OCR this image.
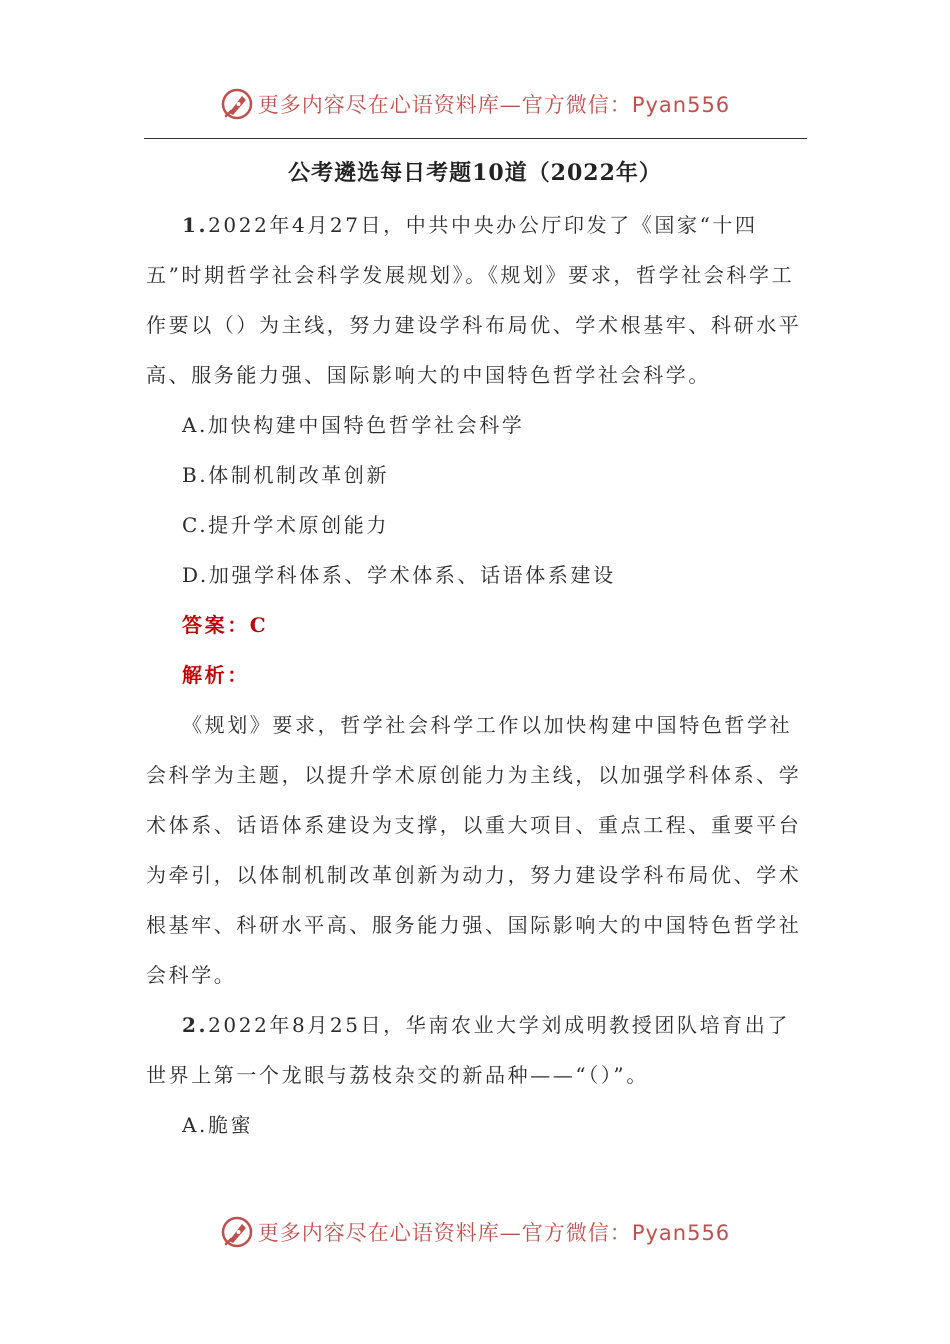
更多内容尽在心语资料库—官方微信：Pyan556
公考遴选每日考题10道（2022年）

1.2022年4月27日，中共中央办公厅印发了《国家“十四五”时期哲学社会科学发展规划》。《规划》要求，哲学社会科学工作要以（）为主线，努力建设学科布局优、学术根基牢、科研水平高、服务能力强、国际影响大的中国特色哲学社会科学。

A.加快构建中国特色哲学社会科学

B.体制机制改革创新

C.提升学术原创能力

D.加强学科体系、学术体系、话语体系建设

答案：C

解析：

《规划》要求，哲学社会科学工作以加快构建中国特色哲学社会科学为主题，以提升学术原创能力为主线，以加强学科体系、学术体系、话语体系建设为支撑，以重大项目、重点工程、重要平台为牵引，以体制机制改革创新为动力，努力建设学科布局优、学术根基牢、科研水平高、服务能力强、国际影响大的中国特色哲学社会科学。

2.2022年8月25日，华南农业大学刘成明教授团队培育出了世界上第一个龙眼与荔枝杂交的新品种——“（）”。

A.脆蜜

更多内容尽在心语资料库—官方微信：Pyan556
